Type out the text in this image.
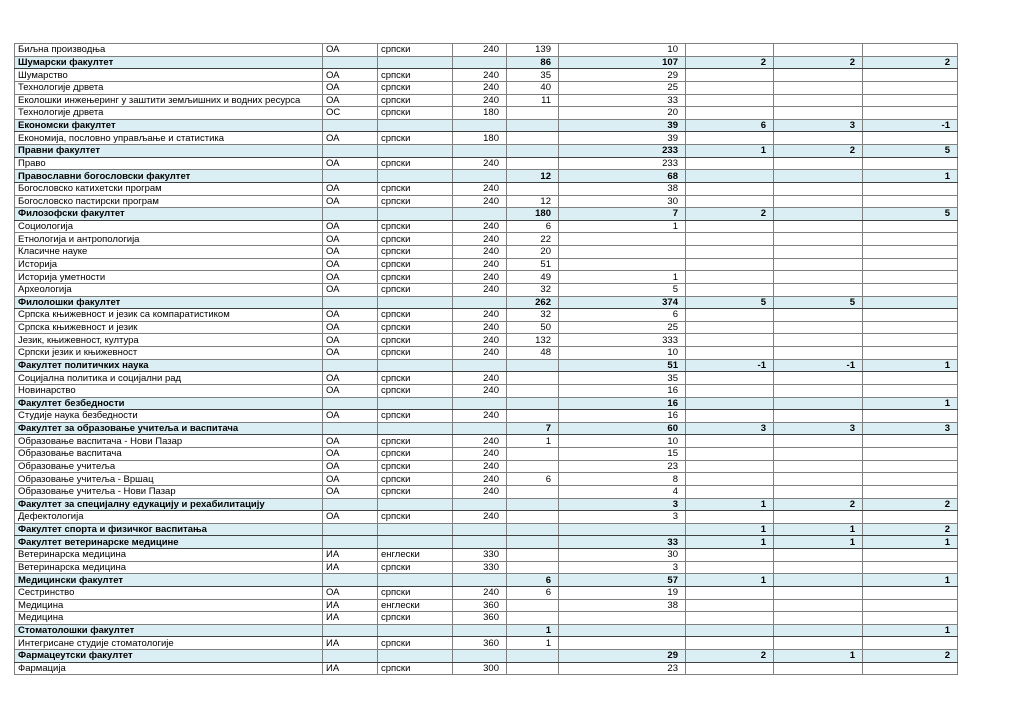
Биљна производња	ОА	српски	240	139	10			
Шумарски факултет				86	107	2	2	2
Шумарство	ОА	српски	240	35	29			
Технологије дрвета	ОА	српски	240	40	25			
Еколошки инжењеринг у заштити земљишних и водних ресурса	ОА	српски	240	11	33			
Технологије дрвета	ОС	српски	180		20			
Економски факултет					39	6	3	-1
Економија, пословно управљање и статистика	ОА	српски	180		39			
Правни факултет					233	1	2	5
Право	ОА	српски	240		233			
Православни богословски факултет				12	68			1
Богословско катихетски програм	ОА	српски	240		38			
Богословско пастирски програм	ОА	српски	240	12	30			
Филозофски факултет				180	7	2		5
Социологија	ОА	српски	240	6	1			
Етнологија и антропологија	ОА	српски	240	22				
Класичне науке	ОА	српски	240	20				
Историја	ОА	српски	240	51				
Историја уметности	ОА	српски	240	49	1			
Археологија	ОА	српски	240	32	5			
Филолошки факултет				262	374	5	5	
Српска књижевност и језик са компаратистиком	ОА	српски	240	32	6			
Српска књижевност и језик	ОА	српски	240	50	25			
Језик, књижевност, култура	ОА	српски	240	132	333			
Српски језик и књижевност	ОА	српски	240	48	10			
Факултет политичких наука					51	-1	-1	1
Социјална политика и социјални рад	ОА	српски	240		35			
Новинарство	ОА	српски	240		16			
Факултет безбедности					16			1
Студије наука безбедности	ОА	српски	240		16			
Факултет за образовање учитеља и васпитача				7	60	3	3	3
Образовање васпитача - Нови Пазар	ОА	српски	240	1	10			
Образовање васпитача	ОА	српски	240		15			
Образовање учитеља	ОА	српски	240		23			
Образовање учитеља - Вршац	ОА	српски	240	6	8			
Образовање учитеља - Нови Пазар	ОА	српски	240		4			
Факултет за специјалну едукацију и рехабилитацију					3	1	2	2
Дефектологија	ОА	српски	240		3			
Факултет спорта и физичког васпитања						1	1	2
Факултет ветеринарске медицине					33	1	1	1
Ветеринарска медицина	ИА	енглески	330		30			
Ветеринарска медицина	ИА	српски	330		3			
Медицински факултет				6	57	1		1
Сестринство	ОА	српски	240	6	19			
Медицина	ИА	енглески	360		38			
Медицина	ИА	српски	360					
Стоматолошки факултет				1				1
Интегрисане студије стоматологије	ИА	српски	360	1				
Фармацеутски факултет					29	2	1	2
Фармација	ИА	српски	300		23			
